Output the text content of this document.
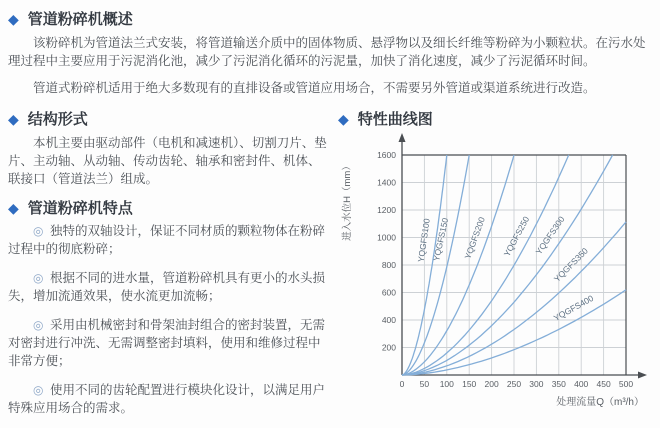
◆ 管道粉碎机概述

该粉碎机为管道法兰式安装，将管道输送介质中的固体物质、悬浮物以及细长纤维等粉碎为小颗粒状。在污水处理过程中主要应用于污泥消化池，减少了污泥消化循环的污泥量，加快了消化速度，减少了污泥循环时间。

管道式粉碎机适用于绝大多数现有的直排设备或管道应用场合，不需要另外管道或渠道系统进行改造。

◆ 结构形式

本机主要由驱动部件（电机和减速机）、切割刀片、垫片、主动轴、从动轴、传动齿轮、轴承和密封件、机体、联接口（管道法兰）组成。

◆ 管道粉碎机特点

◎ 独特的双轴设计，保证不同材质的颗粒物体在粉碎过程中的彻底粉碎；

◎ 根据不同的进水量，管道粉碎机具有更小的水头损失，增加流通效果，使水流更加流畅；

◎ 采用由机械密封和骨架油封组合的密封装置，无需对密封进行冲洗、无需调整密封填料，使用和维修过程中非常方便；

◎ 使用不同的齿轮配置进行模块化设计，以满足用户特殊应用场合的需求。

◆ 特性曲线图
进入水位H（mm）
处理流量Q（m³/h）
0 50 100 150 200 250 300 350 400 450 500
200
400
600
800
1000
1200
1400
1600
YQGFS100 YQGFS150 YQGFS200 YQGFS250 YQGFS300
YQGFS350
YQGFS400
